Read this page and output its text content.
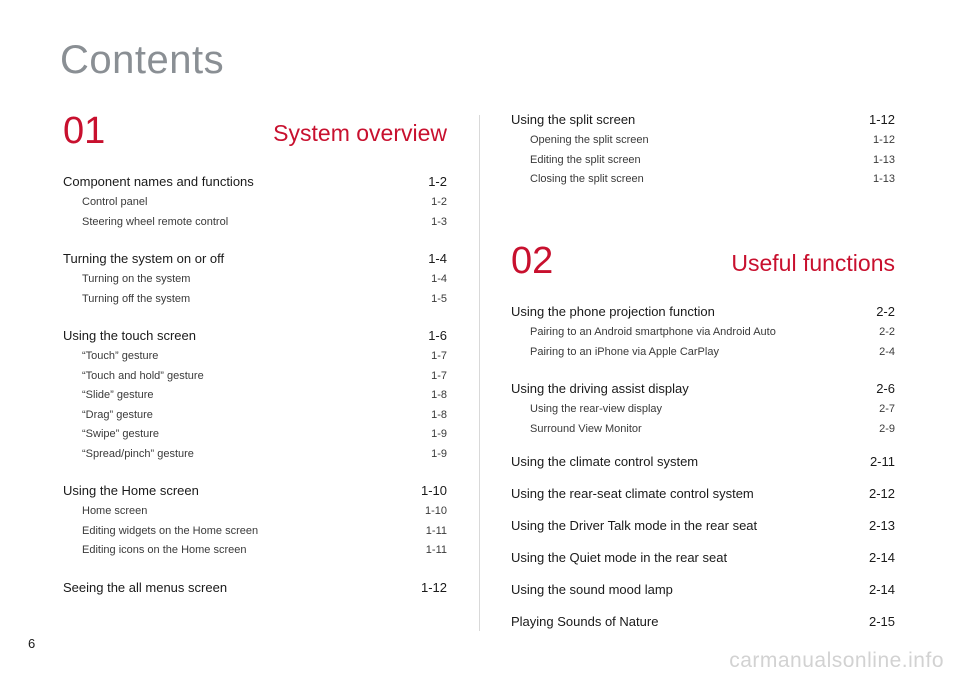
Contents
01	System overview
Component names and functions	1-2
Control panel	1-2
Steering wheel remote control	1-3
Turning the system on or off	1-4
Turning on the system	1-4
Turning off the system	1-5
Using the touch screen	1-6
“Touch” gesture	1-7
“Touch and hold” gesture	1-7
“Slide” gesture	1-8
“Drag” gesture	1-8
“Swipe” gesture	1-9
“Spread/pinch” gesture	1-9
Using the Home screen	1-10
Home screen	1-10
Editing widgets on the Home screen	1-11
Editing icons on the Home screen	1-11
Seeing the all menus screen	1-12
Using the split screen	1-12
Opening the split screen	1-12
Editing the split screen	1-13
Closing the split screen	1-13
02	Useful functions
Using the phone projection function	2-2
Pairing to an Android smartphone via Android Auto	2-2
Pairing to an iPhone via Apple CarPlay	2-4
Using the driving assist display	2-6
Using the rear-view display	2-7
Surround View Monitor	2-9
Using the climate control system	2-11
Using the rear-seat climate control system	2-12
Using the Driver Talk mode in the rear seat	2-13
Using the Quiet mode in the rear seat	2-14
Using the sound mood lamp	2-14
Playing Sounds of Nature	2-15
6
carmanualsonline.info
